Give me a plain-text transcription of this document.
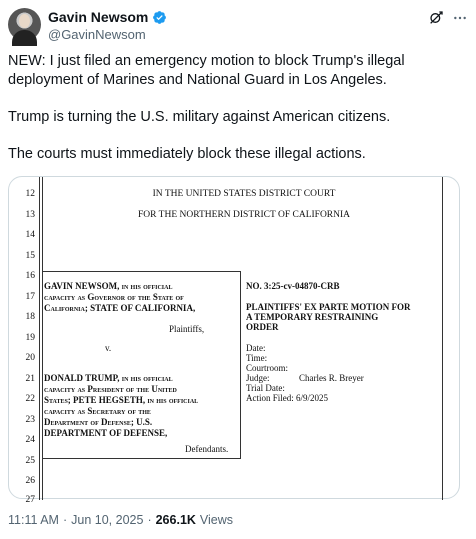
Gavin Newsom
@GavinNewsom

NEW: I just filed an emergency motion to block Trump's illegal deployment of Marines and National Guard in Los Angeles.

Trump is turning the U.S. military against American citizens.

The courts must immediately block these illegal actions.

12
13
14
15
16
17
18
19
20
21
22
23
24
25
26
27
IN THE UNITED STATES DISTRICT COURT
FOR THE NORTHERN DISTRICT OF CALIFORNIA
GAVIN NEWSOM, in his official
capacity as Governor of the State of
California; STATE OF CALIFORNIA,
Plaintiffs,
v.
DONALD TRUMP, in his official
capacity as President of the United
States; PETE HEGSETH, in his official
capacity as Secretary of the
Department of Defense; U.S.
DEPARTMENT OF DEFENSE,
Defendants.
NO. 3:25-cv-04870-CRB
PLAINTIFFS' EX PARTE MOTION FOR
A TEMPORARY RESTRAINING
ORDER
Date:
Time:
Courtroom:
Judge:	Charles R. Breyer
Trial Date:
Action Filed: 6/9/2025
11:11 AM · Jun 10, 2025 · 266.1K Views
